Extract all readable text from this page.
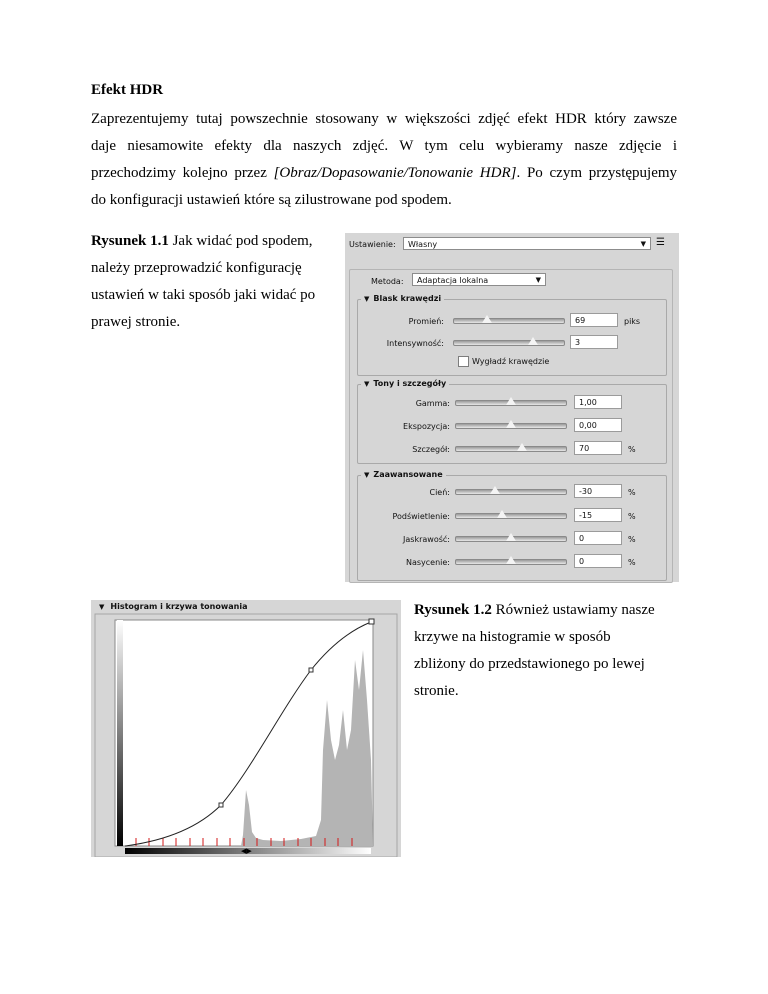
Efekt HDR
Zaprezentujemy tutaj powszechnie stosowany w większości zdjęć efekt HDR który zawsze
daje niesamowite efekty dla naszych zdjęć. W tym celu wybieramy nasze zdjęcie i
przechodzimy kolejno przez [Obraz/Dopasowanie/Tonowanie HDR]. Po czym przystępujemy
do konfiguracji ustawień które są zilustrowane pod spodem.
Rysunek 1.1 Jak widać pod spodem,
należy przeprowadzić konfigurację
ustawień w taki sposób jaki widać po
prawej stronie.
Rysunek 1.2 Również ustawiamy nasze
krzywe na histogramie w sposób
zbliżony do przedstawionego po lewej
stronie.
Ustawienie:	Własny	▼ ☰
Metoda:	Adaptacja lokalna	▼
▼ Blask krawędzi
Promień:	69	piks
Intensywność:	3
Wygładź krawędzie
▼ Tony i szczegóły
Gamma:	1,00
Ekspozycja:	0,00
Szczegół:	70	%
▼ Zaawansowane
Cień:	-30	%
Podświetlenie:	-15	%
Jaskrawość:	0	%
Nasycenie:	0	%
▼ Histogram i krzywa tonowania
◀▶
